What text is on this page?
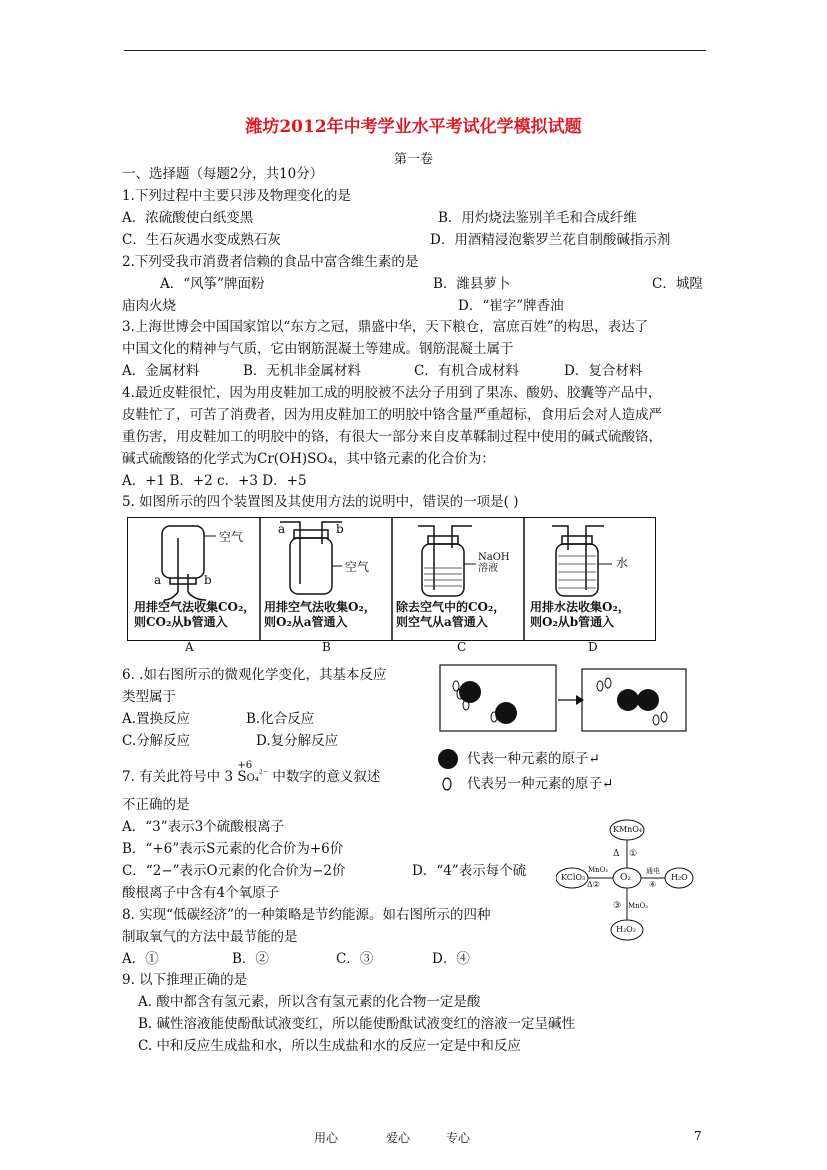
潍坊2012年中考学业水平考试化学模拟试题
第一卷
一、选择题（每题2分，共10分）
1.下列过程中主要只涉及物理变化的是
A．浓硫酸使白纸变黑	B．用灼烧法鉴别羊毛和合成纤维
C．生石灰遇水变成熟石灰	D．用酒精浸泡紫罗兰花自制酸碱指示剂
2.下列受我市消费者信赖的食品中富含维生素的是
A．“风筝”牌面粉	B．潍县萝卜	C．城隍
庙肉火烧	D．“崔字”牌香油
3.上海世博会中国国家馆以“东方之冠，鼎盛中华，天下粮仓，富庶百姓”的构思，表达了
中国文化的精神与气质，它由钢筋混凝土等建成。钢筋混凝土属于
A．金属材料	B．无机非金属材料	C．有机合成材料	D．复合材料
4.最近皮鞋很忙，因为用皮鞋加工成的明胶被不法分子用到了果冻、酸奶、胶囊等产品中，
皮鞋忙了，可苦了消费者，因为用皮鞋加工的明胶中铬含量严重超标，食用后会对人造成严
重伤害，用皮鞋加工的明胶中的铬，有很大一部分来自皮革鞣制过程中使用的碱式硫酸铬，
碱式硫酸铬的化学式为Cr(OH)SO₄，其中铬元素的化合价为：
A．+1 B．+2 c．+3 D．+5
5. 如图所示的四个装置图及其使用方法的说明中，错误的一项是( )
空气
a	b
空气
a	b
NaOH
溶液	水
用排空气法收集CO₂，
则CO₂从b管通入
用排空气法收集O₂，
则O₂从a管通入
除去空气中的CO₂，
则空气从a管通入
用排水法收集O₂，
则O₂从b管通入
A	B	C	D
6. .如右图所示的微观化学变化，其基本反应
类型属于
A.置换反应	B.化合反应
C.分解反应	D.复分解反应
代表一种元素的原子↵
代表另一种元素的原子↵
7. 有关此符号中 3
+6
SO₄$^{^{2-}}$ 中数字的意义叙述
不正确的是
A．“3”表示3个硫酸根离子
B．“+6”表示S元素的化合价为+6价
C．“2−”表示O元素的化合价为−2价	D．“4”表示每个硫
酸根离子中含有4个氧原子
8. 实现“低碳经济”的一种策略是节约能源。如右图所示的四种
制取氧气的方法中最节能的是
A．①	B．②	C．③	D．④
KMnO₄
KClO₃	O₂	H₂O
H₂O₂
Δ ①
MnO₂
Δ②
通电
④
③ MnO₂
9. 以下推理正确的是
A. 酸中都含有氢元素，所以含有氢元素的化合物一定是酸
B. 碱性溶液能使酚酞试液变红，所以能使酚酞试液变红的溶液一定呈碱性
C. 中和反应生成盐和水，所以生成盐和水的反应一定是中和反应
用心	爱心	专心	7
